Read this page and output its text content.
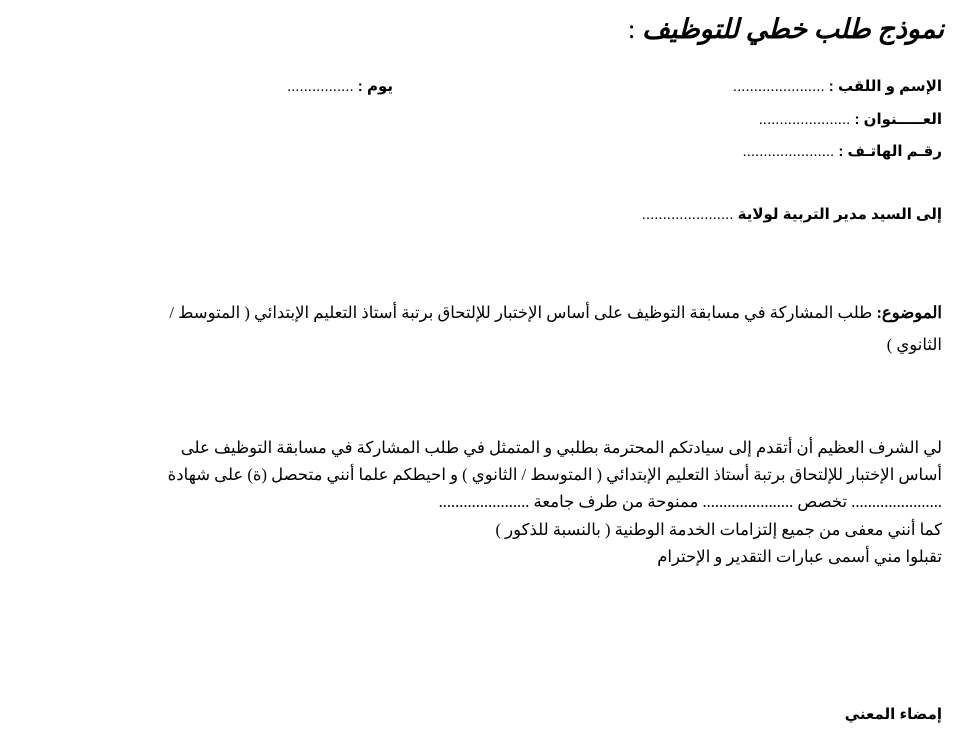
نموذج طلب خطي للتوظيف :
الإسم و اللقب : ......................
يوم : ................
العـــــنوان : ......................
رقـم الهاتـف : ......................
إلى السيد مدير التربية لولاية ......................
الموضوع: طلب المشاركة في مسابقة التوظيف على أساس الإختبار للإلتحاق برتبة أستاذ التعليم الإبتدائي ( المتوسط /
الثانوي )
لي الشرف العظيم أن أتقدم إلى سيادتكم المحترمة بطلبي و المتمثل في طلب المشاركة في مسابقة التوظيف على
أساس الإختبار للإلتحاق برتبة أستاذ التعليم الإبتدائي ( المتوسط / الثانوي ) و احيطكم علما أنني متحصل (ة) على شهادة
...................... تخصص ...................... ممنوحة من طرف جامعة ......................
كما أنني معفى من جميع إلتزامات الخدمة الوطنية ( بالنسبة للذكور )
تقبلوا مني أسمى عبارات التقدير و الإحترام
إمضاء المعني
